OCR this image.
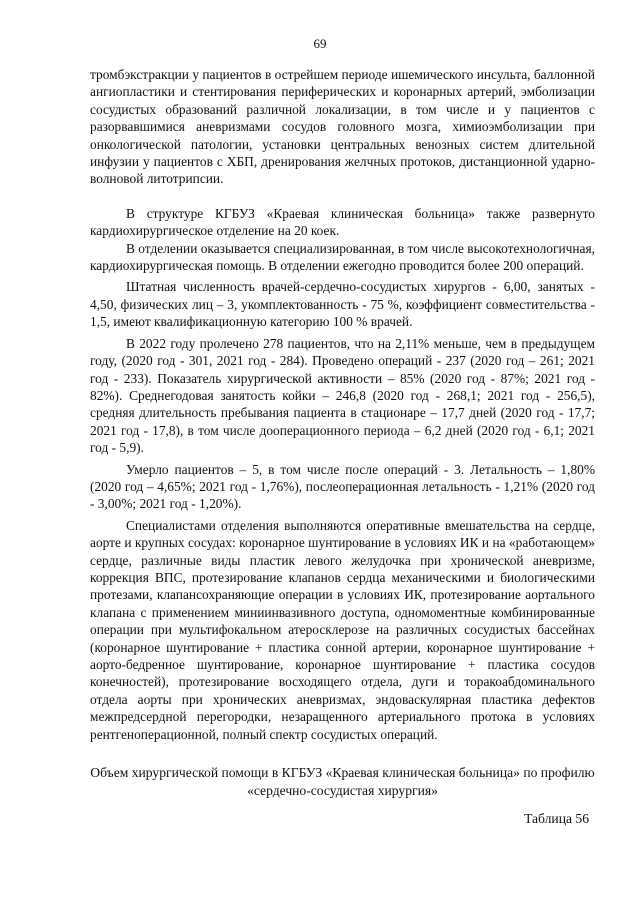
69

тромбэкстракции у пациентов в острейшем периоде ишемического инсульта, баллонной ангиопластики и стентирования периферических и коронарных артерий, эмболизации сосудистых образований различной локализации, в том числе и у пациентов с разорвавшимися аневризмами сосудов головного мозга, химиоэмболизации при онкологической патологии, установки центральных венозных систем длительной инфузии у пациентов с ХБП, дренирования желчных протоков, дистанционной ударно-волновой литотрипсии.

В структуре КГБУЗ «Краевая клиническая больница» также развернуто кардиохирургическое отделение на 20 коек.

В отделении оказывается специализированная, в том числе высокотехнологичная, кардиохирургическая помощь. В отделении ежегодно проводится более 200 операций.

Штатная численность врачей-сердечно-сосудистых хирургов - 6,00, занятых - 4,50, физических лиц – 3, укомплектованность - 75 %, коэффициент совместительства - 1,5, имеют квалификационную категорию 100 % врачей.

В 2022 году пролечено 278 пациентов, что на 2,11% меньше, чем в предыдущем году, (2020 год - 301, 2021 год - 284). Проведено операций - 237 (2020 год – 261; 2021 год - 233). Показатель хирургической активности – 85% (2020 год - 87%; 2021 год - 82%). Среднегодовая занятость койки – 246,8 (2020 год - 268,1; 2021 год - 256,5), средняя длительность пребывания пациента в стационаре – 17,7 дней (2020 год - 17,7; 2021 год - 17,8), в том числе дооперационного периода – 6,2 дней (2020 год - 6,1; 2021 год - 5,9).

Умерло пациентов – 5, в том числе после операций - 3. Летальность – 1,80% (2020 год – 4,65%; 2021 год - 1,76%), послеоперационная летальность - 1,21% (2020 год - 3,00%; 2021 год - 1,20%).

Специалистами отделения выполняются оперативные вмешательства на сердце, аорте и крупных сосудах: коронарное шунтирование в условиях ИК и на «работающем» сердце, различные виды пластик левого желудочка при хронической аневризме, коррекция ВПС, протезирование клапанов сердца механическими и биологическими протезами, клапансохраняющие операции в условиях ИК, протезирование аортального клапана с применением миниинвазивного доступа, одномоментные комбинированные операции при мультифокальном атеросклерозе на различных сосудистых бассейнах (коронарное шунтирование + пластика сонной артерии, коронарное шунтирование + аорто-бедренное шунтирование, коронарное шунтирование + пластика сосудов конечностей), протезирование восходящего отдела, дуги и торакоабдоминального отдела аорты при хронических аневризмах, эндоваскулярная пластика дефектов межпредсердной перегородки, незаращенного артериального протока в условиях рентгеноперационной, полный спектр сосудистых операций.

Объем хирургической помощи в КГБУЗ «Краевая клиническая больница» по профилю «сердечно-сосудистая хирургия»
Таблица 56
